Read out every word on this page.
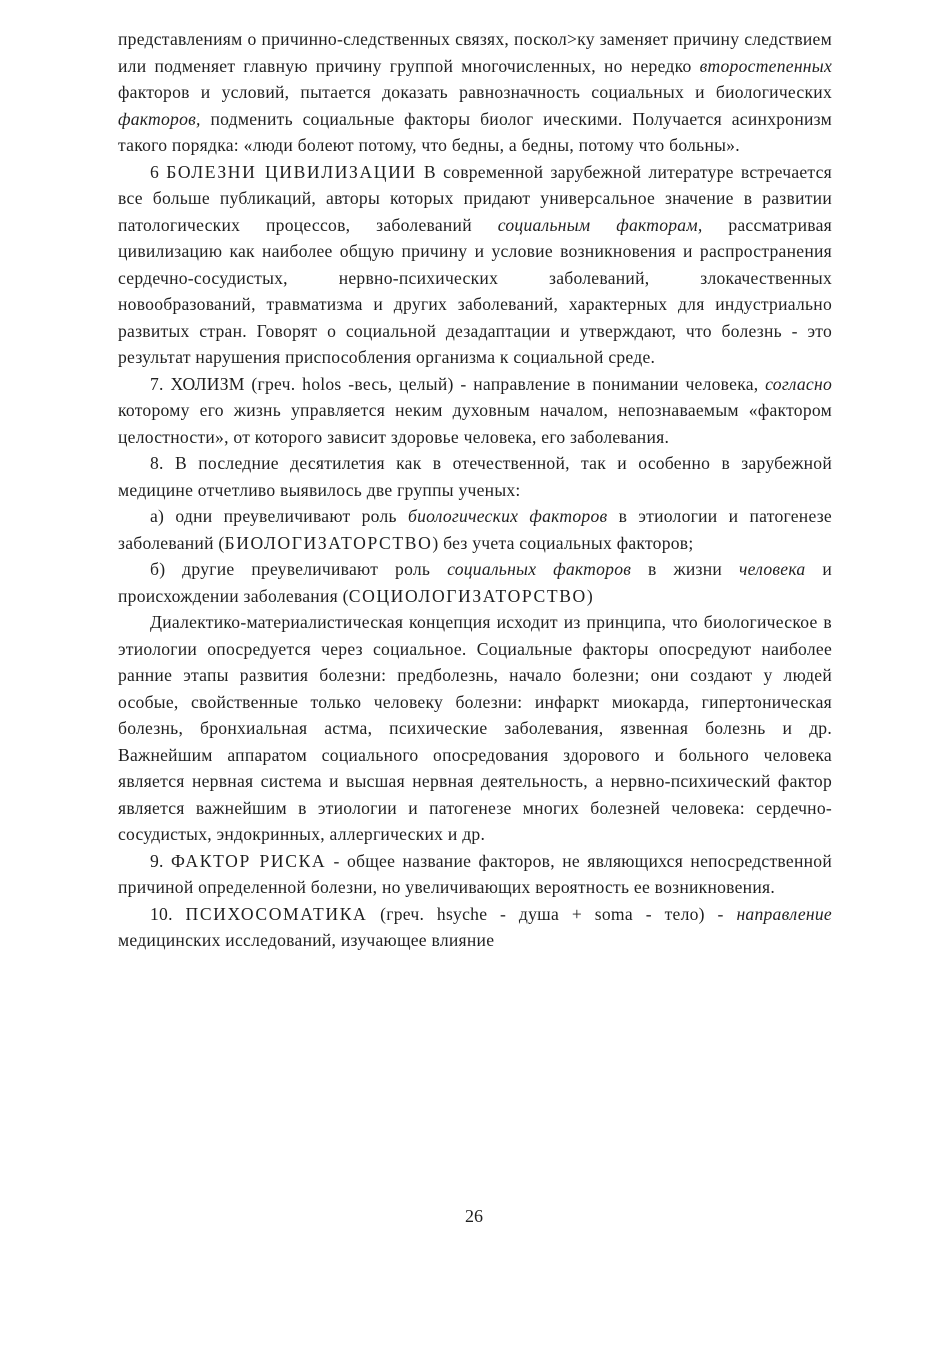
представлениям о причинно-следственных связях, поскол>ку заменяет причину следствием или подменяет главную причину группой многочисленных, но нередко второстепенных факторов и условий, пытается доказать равнозначность социальных и биологических факторов, подменить социальные факторы биолог ическими. Получается асинхронизм такого порядка: «люди болеют потому, что бедны, а бедны, потому что больны».

6 БОЛЕЗНИ ЦИВИЛИЗАЦИИ В современной зарубежной литературе встречается все больше публикаций, авторы которых придают универсальное значение в развитии патологических процессов, заболеваний социальным факторам, рассматривая цивилизацию как наиболее общую причину и условие возникновения и распространения сердечно-сосудистых, нервно-психических заболеваний, злокачественных новообразований, травматизма и других заболеваний, характерных для индустриально развитых стран. Говорят о социальной дезадаптации и утверждают, что болезнь - это результат нарушения приспособления организма к социальной среде.

7. ХОЛИЗМ (греч. holos -весь, целый) - направление в понимании человека, согласно которому его жизнь управляется неким духовным началом, непознаваемым «фактором целостности», от которого зависит здоровье человека, его заболевания.

8. В последние десятилетия как в отечественной, так и особенно в зарубежной медицине отчетливо выявилось две группы ученых:

а) одни преувеличивают роль биологических факторов в этиологии и патогенезе заболеваний (БИОЛОГИЗАТОРСТВО) без учета социальных факторов;

б) другие преувеличивают роль социальных факторов в жизни человека и происхождении заболевания (СОЦИОЛОГИЗАТОРСТВО)

Диалектико-материалистическая концепция исходит из принципа, что биологическое в этиологии опосредуется через социальное. Социальные факторы опосредуют наиболее ранние этапы развития болезни: предболезнь, начало болезни; они создают у людей особые, свойственные только человеку болезни: инфаркт миокарда, гипертоническая болезнь, бронхиальная астма, психические заболевания, язвенная болезнь и др. Важнейшим аппаратом социального опосредования здорового и больного человека является нервная система и высшая нервная деятельность, а нервно-психический фактор является важнейшим в этиологии и патогенезе многих болезней человека: сердечно-сосудистых, эндокринных, аллергических и др.

9. ФАКТОР РИСКА - общее название факторов, не являющихся непосредственной причиной определенной болезни, но увеличивающих вероятность ее возникновения.

10. ПСИХОСОМАТИКА (греч. hsyche - душа + soma - тело) - направление медицинских исследований, изучающее влияние

26
